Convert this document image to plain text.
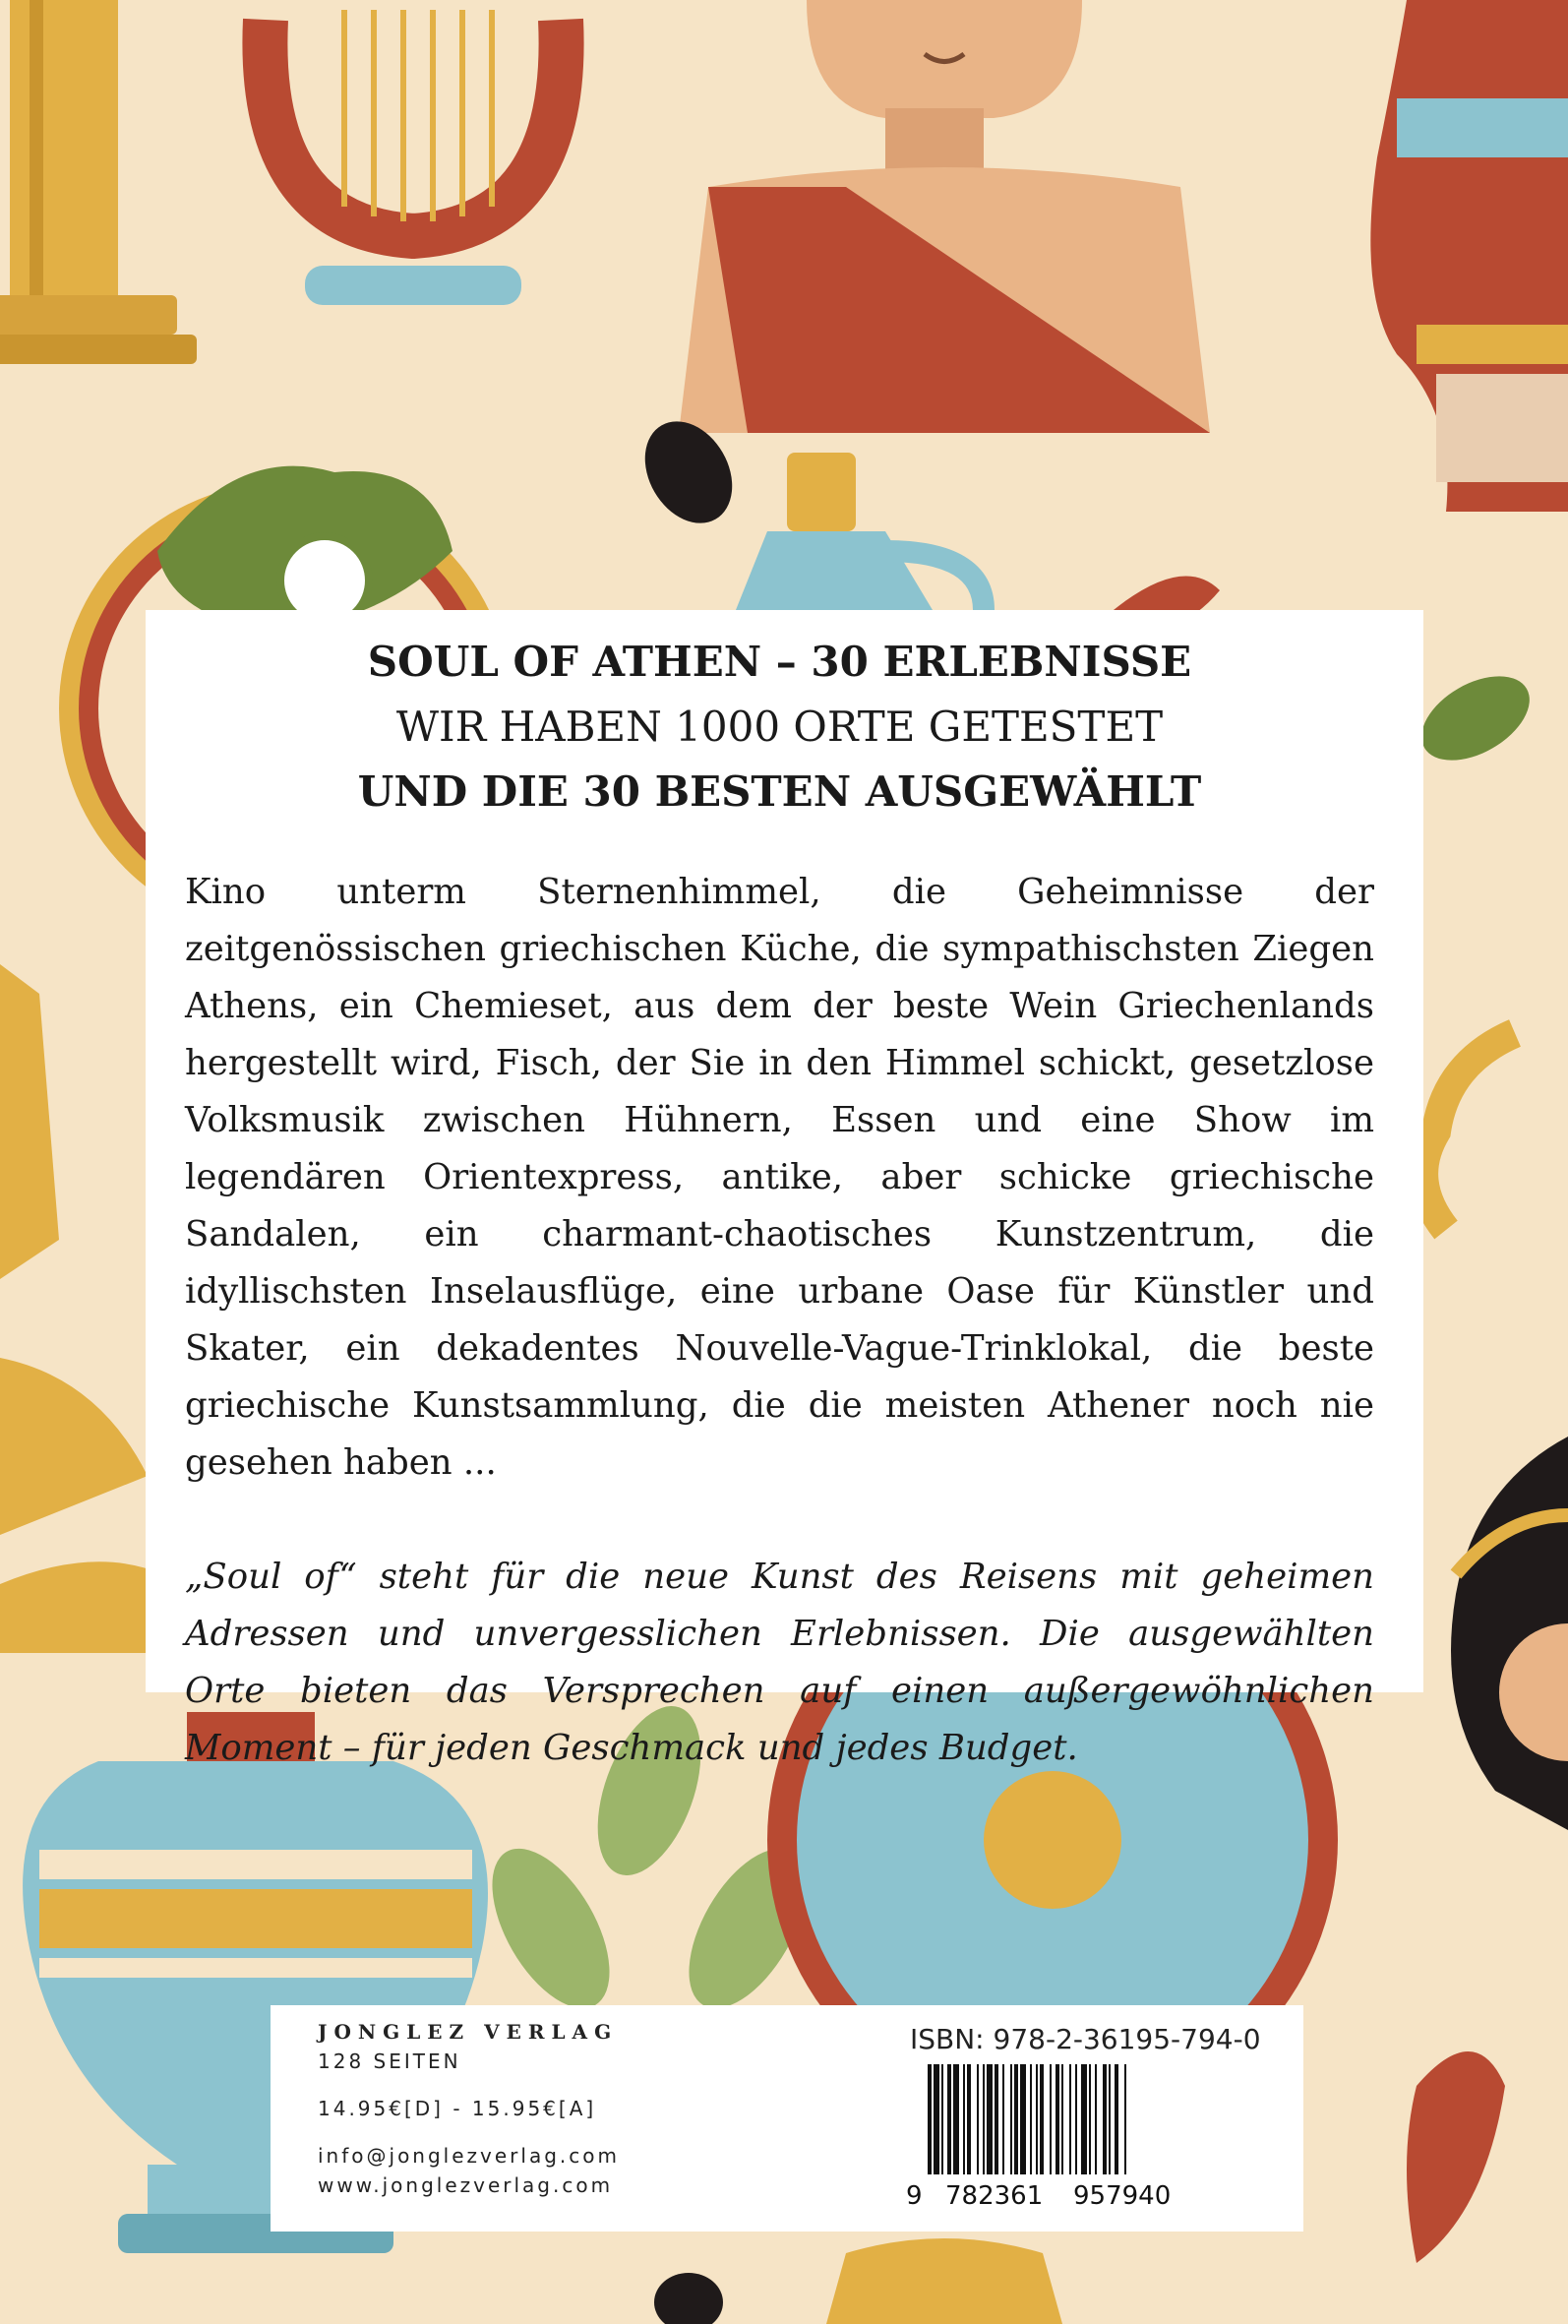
SOUL OF ATHEN – 30 ERLEBNISSE

WIR HABEN 1000 ORTE GETESTET

UND DIE 30 BESTEN AUSGEWÄHLT

Kino unterm Sternenhimmel, die Geheimnisse der zeitgenössischen griechischen Küche, die sympathischsten Ziegen Athens, ein Chemieset, aus dem der beste Wein Griechenlands hergestellt wird, Fisch, der Sie in den Himmel schickt, gesetzlose Volksmusik zwischen Hühnern, Essen und eine Show im legendären Orientexpress, antike, aber schicke griechische Sandalen, ein charmant-chaotisches Kunstzentrum, die idyllischsten Inselausflüge, eine urbane Oase für Künstler und Skater, ein dekadentes Nouvelle-Vague-Trinklokal, die beste griechische Kunstsammlung, die die meisten Athener noch nie gesehen haben ...

„Soul of“ steht für die neue Kunst des Reisens mit geheimen Adressen und unvergesslichen Erlebnissen. Die ausgewählten Orte bieten das Versprechen auf einen außergewöhnlichen Moment – für jeden Geschmack und jedes Budget.

JONGLEZ VERLAG
128 SEITEN
14.95€[D] - 15.95€[A]
info@jonglezverlag.com
www.jonglezverlag.com
ISBN: 978-2-36195-794-0
9 782361 957940
